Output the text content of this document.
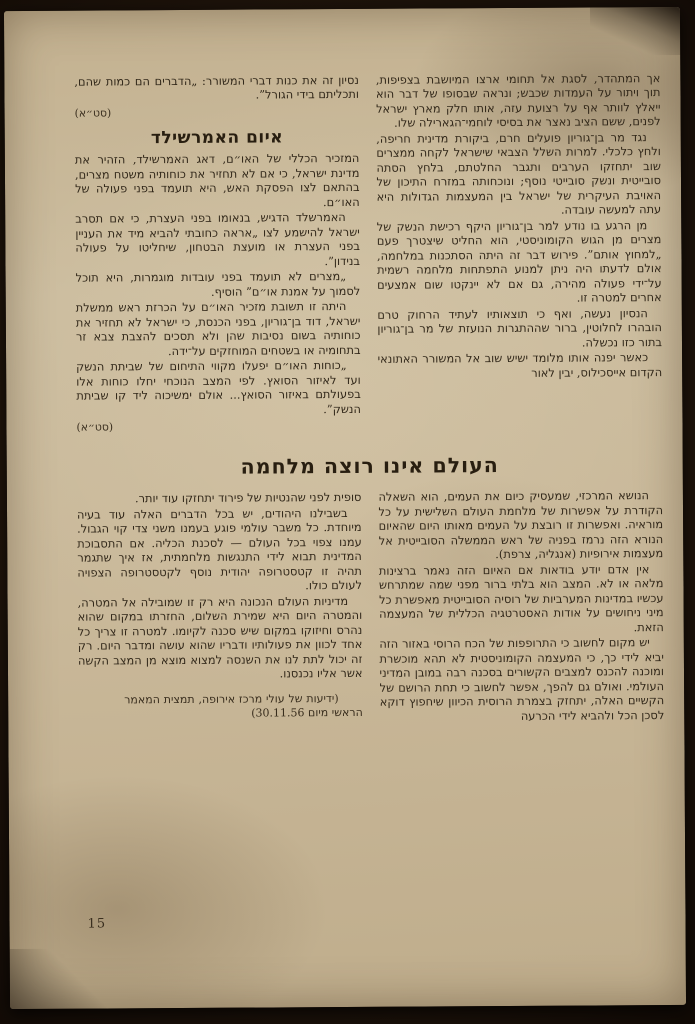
אך המתהדר, לסגת אל תחומי ארצו המיושבת בצפיפות, תוך ויתור על העמדות שכבש; ונראה שבסופו של דבר הוא ייאלץ לוותר אף על רצועת עזה, אותו חלק מארץ ישראל לפנים, ששם הציב נאצר את בסיסי לוחמי־הגארילה שלו.

נגד מר בן־גוריון פועלים חרם, ביקורת מדינית חריפה, ולחץ כלכלי. למרות השלל הצבאי שישראל לקחה ממצרים שוב יתחזקו הערבים ותגבר החלטתם, בלחץ הסתה סובייטית ונשק סובייטי נוסף; ונוכחותה במזרח התיכון של האויבת העיקרית של ישראל בין המעצמות הגדולות היא עתה למעשה עובדה.

מן הרגע בו נודע למר בן־גוריון היקף רכישת הנשק של מצרים מן הגוש הקומוניסטי, הוא החליט שיצטרך פעם „למחוץ אותם”. פירוש דבר זה היתה הסתכנות במלחמה, אולם לדעתו היה ניתן למנוע התפתחות מלחמה רשמית על־ידי פעולה מהירה, גם אם לא יינקטו שום אמצעים אחרים למטרה זו.

הנסיון נעשה, ואף כי תוצאותיו לעתיד הרחוק טרם הובהרו לחלוטין, ברור שההתגרות הנועזת של מר בן־גוריון בתור כזו נכשלה.

כאשר יפנה אותו מלומד ישיש שוב אל המשורר האתונאי הקדום אייסכילוס, יבין לאור

נסיון זה את כנות דברי המשורר: „הדברים הם כמות שהם, ותכליתם בידי הגורל”.

(סט״א)

איום האמרשילד

המזכיר הכללי של האו״ם, דאג האמרשילד, הזהיר את מדינת ישראל, כי אם לא תחזיר את כוחותיה משטח מצרים, בהתאם לצו הפסקת האש, היא תועמד בפני פעולה של האו״ם.

האמרשלד הדגיש, בנאומו בפני העצרת, כי אם תסרב ישראל להישמע לצו „אראה כחובתי להביא מיד את העניין בפני העצרת או מועצת הבטחון, שיחליטו על פעולה בנידון”.

„מצרים לא תועמד בפני עובדות מוגמרות, היא תוכל לסמוך על אמנת או״ם” הוסיף.

היתה זו תשובת מזכיר האו״ם על הכרזת ראש ממשלת ישראל, דוד בן־גוריון, בפני הכנסת, כי ישראל לא תחזיר את כוחותיה בשום נסיבות שהן ולא תסכים להצבת צבא זר בתחומיה או בשטחים המוחזקים על־ידה.

„כוחות האו״ם יפעלו מקווי התיחום של שביתת הנשק ועד לאיזור הסואץ. לפי המצב הנוכחי יחלו כוחות אלו בפעולתם באיזור הסואץ... אולם ימשיכוה ליד קו שביתת הנשק”.

(סט״א)

העולם אינו רוצה מלחמה

הנושא המרכזי, שמעסיק כיום את העמים, הוא השאלה הקודרת על אפשרות של מלחמת העולם השלישית על כל מוראיה. ואפשרות זו רובצת על העמים מאותו היום שהאיום הנורא הזה נרמז בפניה של ראש הממשלה הסובייטית אל מעצמות אירופיות (אנגליה, צרפת).

אין אדם יודע בודאות אם האיום הזה נאמר ברצינות מלאה או לא. המצב הוא בלתי ברור מפני שמה שמתרחש עכשיו במדינות המערביות של רוסיה הסובייטית מאפשרת כל מיני ניחושים על אודות האסטרטגיה הכללית של המעצמה הזאת.

יש מקום לחשוב כי התרופפות של הכח הרוסי באזור הזה יביא לידי כך, כי המעצמה הקומוניסטית לא תהא מוכשרת ומוכנה להכנס למצבים הקשורים בסכנה רבה במובן המדיני העולמי. ואולם גם להפך, אפשר לחשוב כי תחת הרושם של הקשיים האלה, יתחזק בצמרת הרוסית הכיוון שיחפוץ דוקא לסכן הכל ולהביא לידי הכרעה

סופית לפני שהנטיות של פירוד יתחזקו עוד יותר.

בשבילנו היהודים, יש בכל הדברים האלה עוד בעיה מיוחדת. כל משבר עולמי פוגע בעמנו משני צדי קוי הגבול. עמנו צפוי בכל העולם — לסכנת הכליה. אם התסבוכת המדינית תבוא לידי התנגשות מלחמתית, אז איך שתגמר תהיה זו קטסטרופה יהודית נוסף לקטסטרופה הצפויה לעולם כולו.

מדיניות העולם הנכונה היא רק זו שמובילה אל המטרה, והמטרה היום היא שמירת השלום, החזרתו במקום שהוא נהרס וחיזוקו במקום שיש סכנה לקיומו. למטרה זו צריך כל אחד לכוון את פעולותיו ודבריו שהוא עושה ומדבר היום. רק זה יכול לתת לנו את השנסה למצוא מוצא מן המצב הקשה אשר אליו נכנסנו.

(ידיעות של עולי מרכז אירופה, תמצית המאמר הראשי מיום 30.11.56)

15
